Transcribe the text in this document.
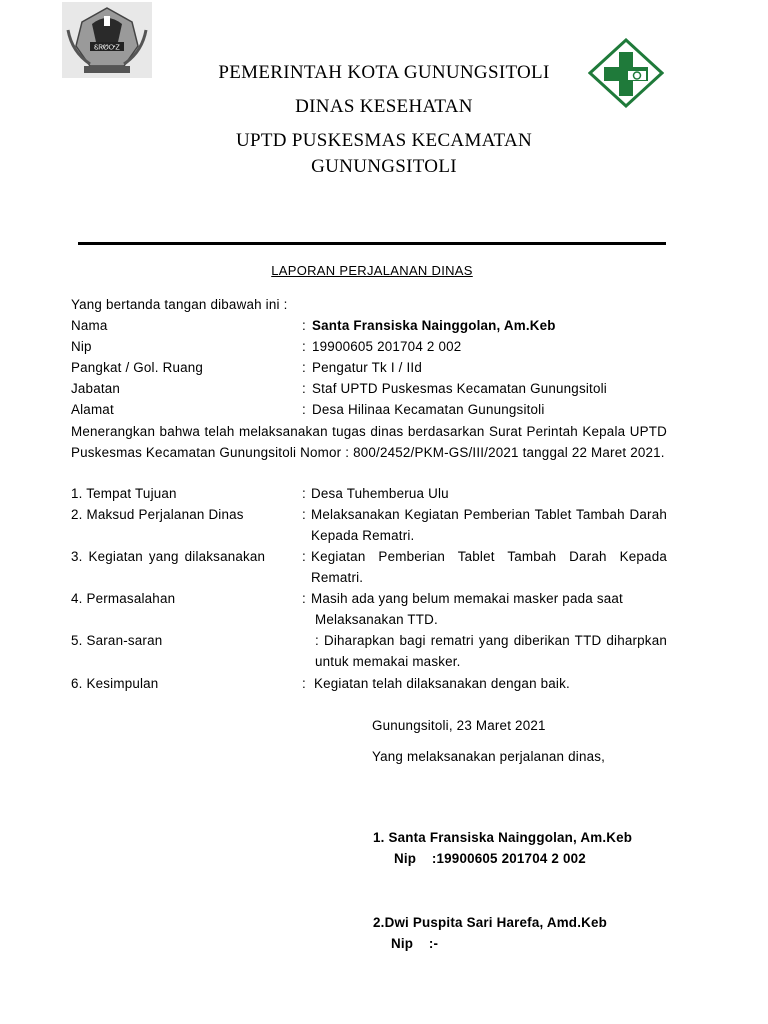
ᏋᏒᏬᎤᏃ
PEMERINTAH KOTA GUNUNGSITOLI
DINAS KESEHATAN
UPTD PUSKESMAS KECAMATAN
GUNUNGSITOLI
LAPORAN PERJALANAN DINAS
Yang bertanda tangan dibawah ini :
Nama	: Santa Fransiska Nainggolan, Am.Keb
Nip	: 19900605 201704 2 002
Pangkat / Gol. Ruang	: Pengatur Tk I / IId
Jabatan	: Staf UPTD Puskesmas Kecamatan Gunungsitoli
Alamat	: Desa Hilinaa Kecamatan Gunungsitoli
Menerangkan bahwa telah melaksanakan tugas dinas berdasarkan Surat Perintah Kepala UPTD Puskesmas Kecamatan Gunungsitoli Nomor : 800/2452/PKM-GS/III/2021 tanggal 22 Maret 2021.
1. Tempat Tujuan	: Desa Tuhemberua Ulu
2. Maksud Perjalanan Dinas	: Melaksanakan Kegiatan Pemberian Tablet Tambah Darah Kepada Rematri.
3. Kegiatan yang dilaksanakan	: Kegiatan Pemberian Tablet Tambah Darah Kepada Rematri.
4. Permasalahan	: Masih ada yang belum memakai masker pada saat
Melaksanakan TTD.
5. Saran-saran	: Diharapkan bagi rematri yang diberikan TTD diharpkan untuk memakai masker.
6. Kesimpulan	: Kegiatan telah dilaksanakan dengan baik.
Gunungsitoli, 23 Maret 2021
Yang melaksanakan perjalanan dinas,
1. Santa Fransiska Nainggolan, Am.Keb
Nip    :19900605 201704 2 002
2.Dwi Puspita Sari Harefa, Amd.Keb
Nip    :-
